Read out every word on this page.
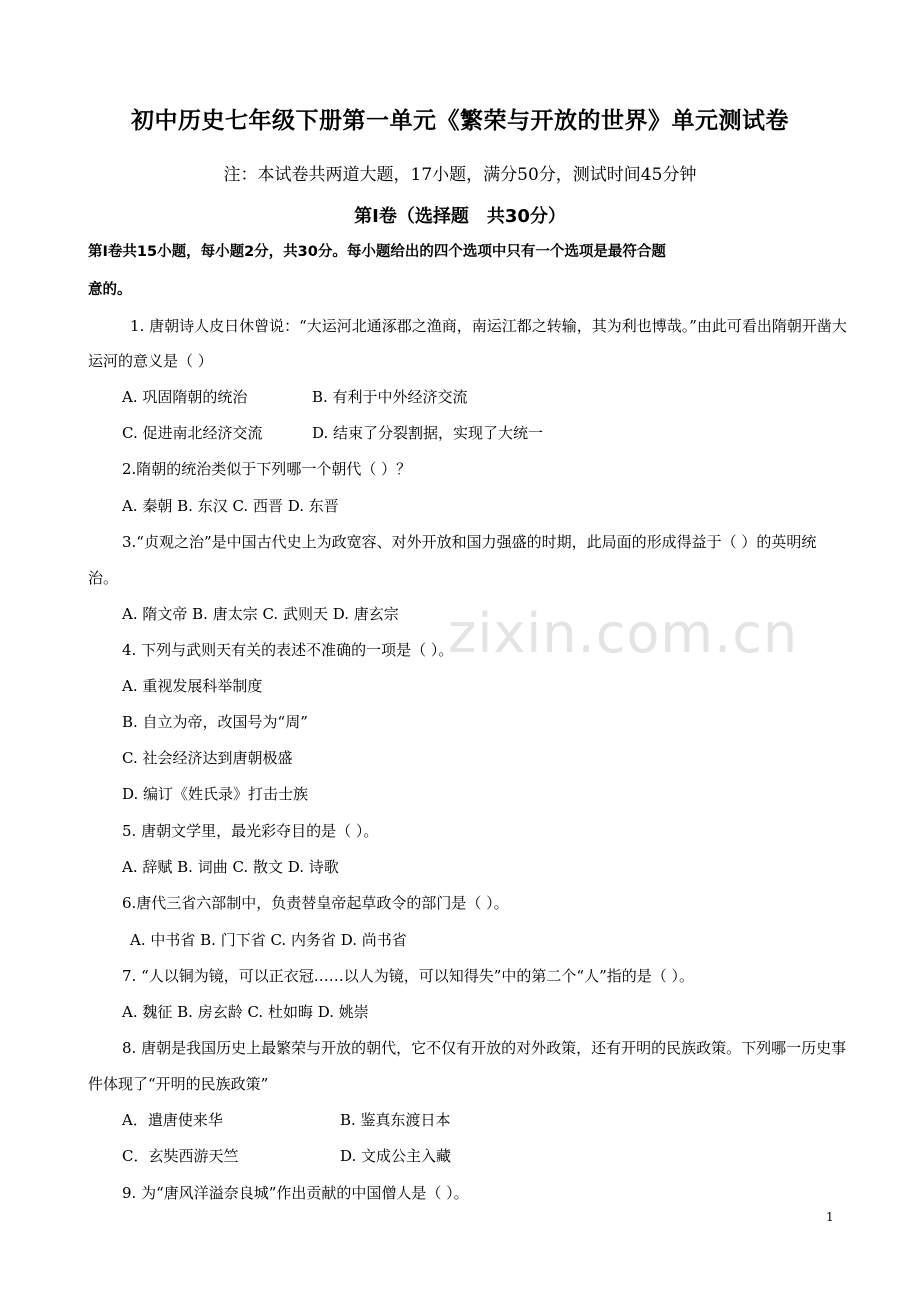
初中历史七年级下册第一单元《繁荣与开放的世界》单元测试卷
注：本试卷共两道大题，17小题，满分50分，测试时间45分钟
第Ⅰ卷（选择题　共30分）
第Ⅰ卷共15小题，每小题2分，共30分。每小题给出的四个选项中只有一个选项是最符合题
意的。
1. 唐朝诗人皮日休曾说：“大运河北通涿郡之渔商，南运江都之转输，其为利也博哉。”由此可看出隋朝开凿大
运河的意义是（ ）
A. 巩固隋朝的统治	B. 有利于中外经济交流
C. 促进南北经济交流	D. 结束了分裂割据，实现了大统一
2.隋朝的统治类似于下列哪一个朝代（ ）？
A. 秦朝 B. 东汉 C. 西晋 D. 东晋
3.“贞观之治”是中国古代史上为政宽容、对外开放和国力强盛的时期，此局面的形成得益于（ ）的英明统
治。
A. 隋文帝 B. 唐太宗 C. 武则天 D. 唐玄宗
4. 下列与武则天有关的表述不准确的一项是（ ）。
A. 重视发展科举制度
B. 自立为帝，改国号为“周”
C. 社会经济达到唐朝极盛
D. 编订《姓氏录》打击士族
5. 唐朝文学里，最光彩夺目的是（ ）。
A. 辞赋 B. 词曲 C. 散文 D. 诗歌
6.唐代三省六部制中，负责替皇帝起草政令的部门是（ ）。
A. 中书省 B. 门下省 C. 内务省 D. 尚书省
7. “人以铜为镜，可以正衣冠……以人为镜，可以知得失”中的第二个“人”指的是（ ）。
A. 魏征 B. 房玄龄 C. 杜如晦 D. 姚崇
8. 唐朝是我国历史上最繁荣与开放的朝代，它不仅有开放的对外政策，还有开明的民族政策。下列哪一历史事
件体现了“开明的民族政策”
A．遣唐使来华	B. 鉴真东渡日本
C．玄奘西游天竺	D. 文成公主入藏
9. 为“唐风洋溢奈良城”作出贡献的中国僧人是（ ）。
zixin.com.cn
1
